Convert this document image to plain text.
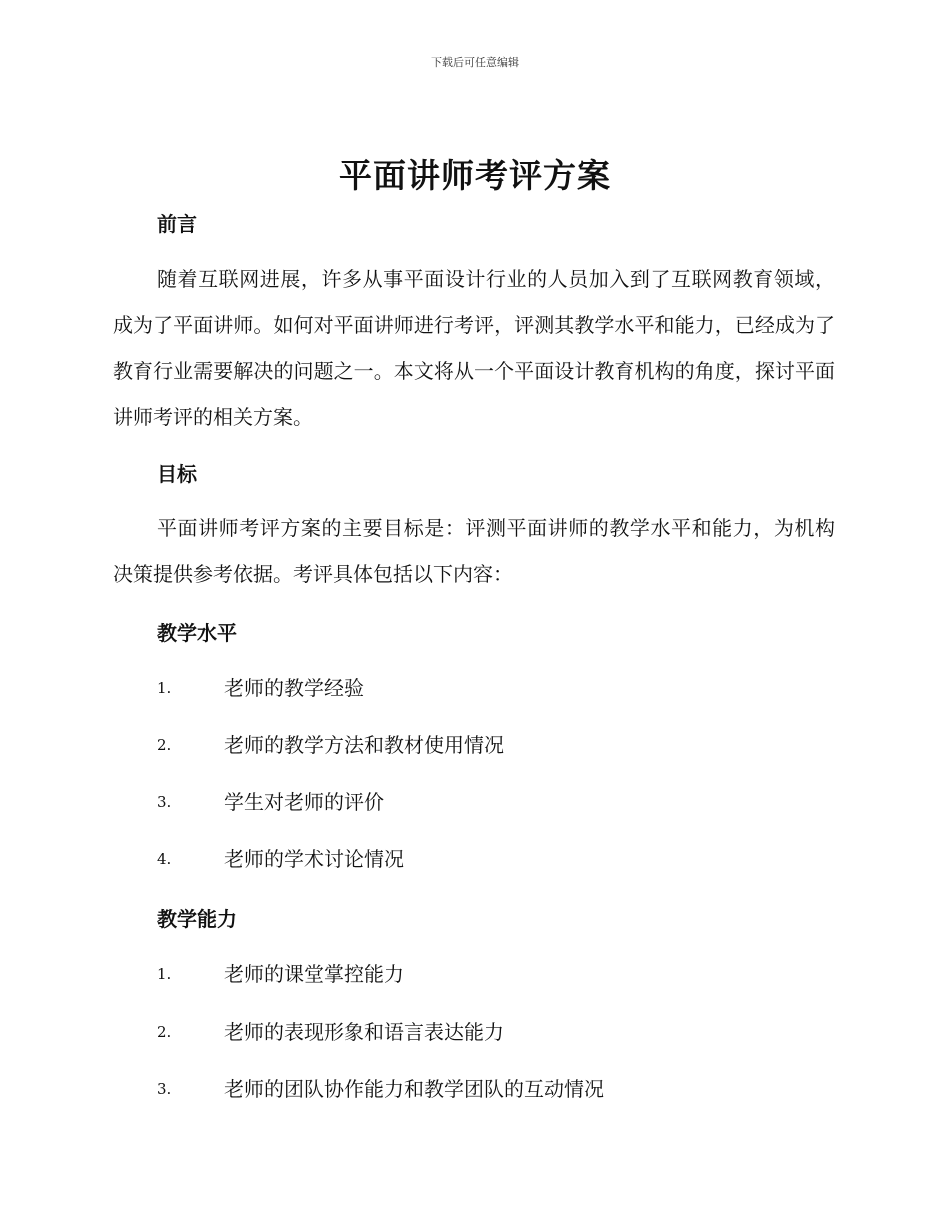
下载后可任意编辑
平面讲师考评方案
前言

随着互联网进展，许多从事平面设计行业的人员加入到了互联网教育领域，成为了平面讲师。如何对平面讲师进行考评，评测其教学水平和能力，已经成为了教育行业需要解决的问题之一。本文将从一个平面设计教育机构的角度，探讨平面讲师考评的相关方案。

目标

平面讲师考评方案的主要目标是：评测平面讲师的教学水平和能力，为机构决策提供参考依据。考评具体包括以下内容：

教学水平
1.	老师的教学经验
2.	老师的教学方法和教材使用情况
3.	学生对老师的评价
4.	老师的学术讨论情况
教学能力
1.	老师的课堂掌控能力
2.	老师的表现形象和语言表达能力
3.	老师的团队协作能力和教学团队的互动情况
